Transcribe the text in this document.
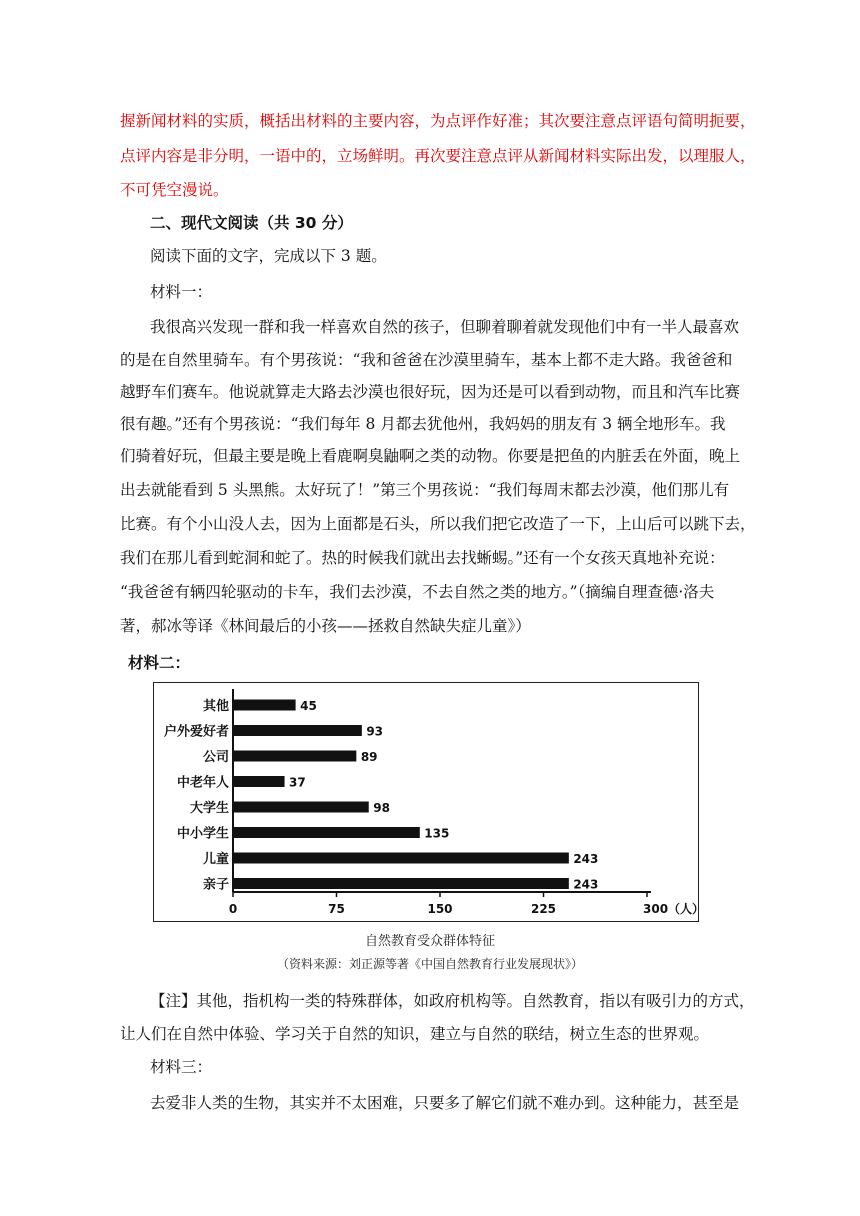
握新闻材料的实质，概括出材料的主要内容，为点评作好准；其次要注意点评语句简明扼要，
点评内容是非分明，一语中的，立场鲜明。再次要注意点评从新闻材料实际出发，以理服人，
不可凭空漫说。
二、现代文阅读（共 30 分）
阅读下面的文字，完成以下 3 题。
材料一：
我很高兴发现一群和我一样喜欢自然的孩子，但聊着聊着就发现他们中有一半人最喜欢
的是在自然里骑车。有个男孩说：“我和爸爸在沙漠里骑车，基本上都不走大路。我爸爸和
越野车们赛车。他说就算走大路去沙漠也很好玩，因为还是可以看到动物，而且和汽车比赛
很有趣。”还有个男孩说：“我们每年 8 月都去犹他州，我妈妈的朋友有 3 辆全地形车。我
们骑着好玩，但最主要是晚上看鹿啊臭鼬啊之类的动物。你要是把鱼的内脏丢在外面，晚上
出去就能看到 5 头黑熊。太好玩了！”第三个男孩说：“我们每周末都去沙漠，他们那儿有
比赛。有个小山没人去，因为上面都是石头，所以我们把它改造了一下，上山后可以跳下去，
我们在那儿看到蛇洞和蛇了。热的时候我们就出去找蜥蜴。”还有一个女孩天真地补充说：
“我爸爸有辆四轮驱动的卡车，我们去沙漠，不去自然之类的地方。”（摘编自理查德·洛夫
著，郝冰等译《林间最后的小孩——拯救自然缺失症儿童》）
材料二：
其他	45
户外爱好者	93
公司	89
中老年人	37
大学生	98
中小学生	135
儿童	243
亲子	243
0	75	150	225	300（人）
自然教育受众群体特征
（资料来源：刘正源等著《中国自然教育行业发展现状》）
【注】其他，指机构一类的特殊群体，如政府机构等。自然教育，指以有吸引力的方式，
让人们在自然中体验、学习关于自然的知识，建立与自然的联结，树立生态的世界观。
材料三：
去爱非人类的生物，其实并不太困难，只要多了解它们就不难办到。这种能力，甚至是
